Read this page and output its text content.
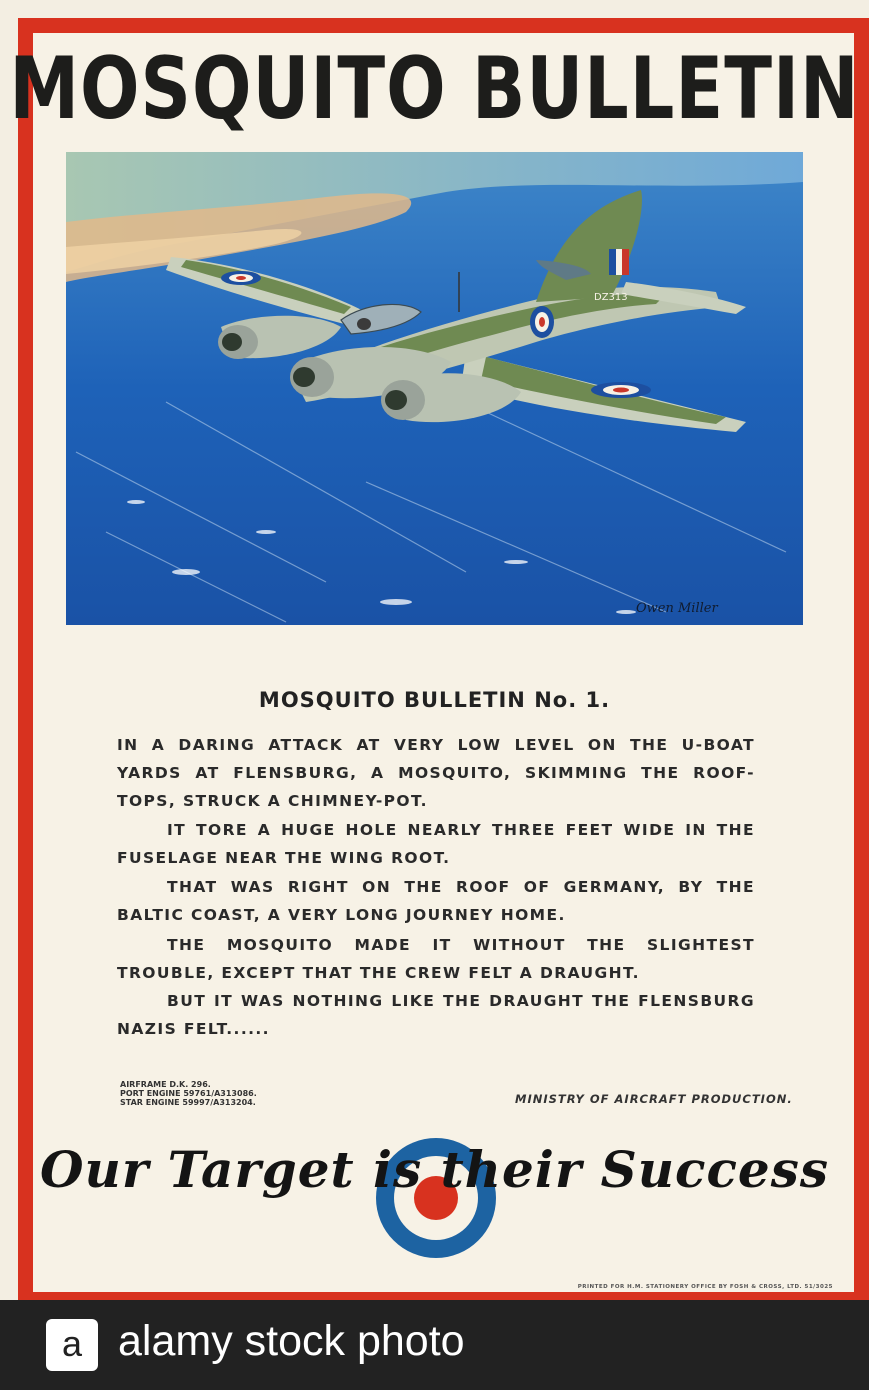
MOSQUITO BULLETIN
DZ313
Owen Miller
MOSQUITO BULLETIN No. 1.
IN A DARING ATTACK AT VERY LOW LEVEL ON THE U-BOAT YARDS AT FLENSBURG, A MOSQUITO, SKIMMING THE ROOF-TOPS, STRUCK A CHIMNEY-POT.
IT TORE A HUGE HOLE NEARLY THREE FEET WIDE IN THE FUSELAGE NEAR THE WING ROOT.
THAT WAS RIGHT ON THE ROOF OF GERMANY, BY THE BALTIC COAST, A VERY LONG JOURNEY HOME.
THE MOSQUITO MADE IT WITHOUT THE SLIGHTEST TROUBLE, EXCEPT THAT THE CREW FELT A DRAUGHT.
BUT IT WAS NOTHING LIKE THE DRAUGHT THE FLENSBURG NAZIS FELT......
AIRFRAME D.K. 296.
PORT ENGINE 59761/A313086.
STAR ENGINE 59997/A313204.	MINISTRY OF AIRCRAFT PRODUCTION.
Our Target is their Success
PRINTED FOR H.M. STATIONERY OFFICE BY FOSH & CROSS, LTD. 51/3025
a alamy stock photo
